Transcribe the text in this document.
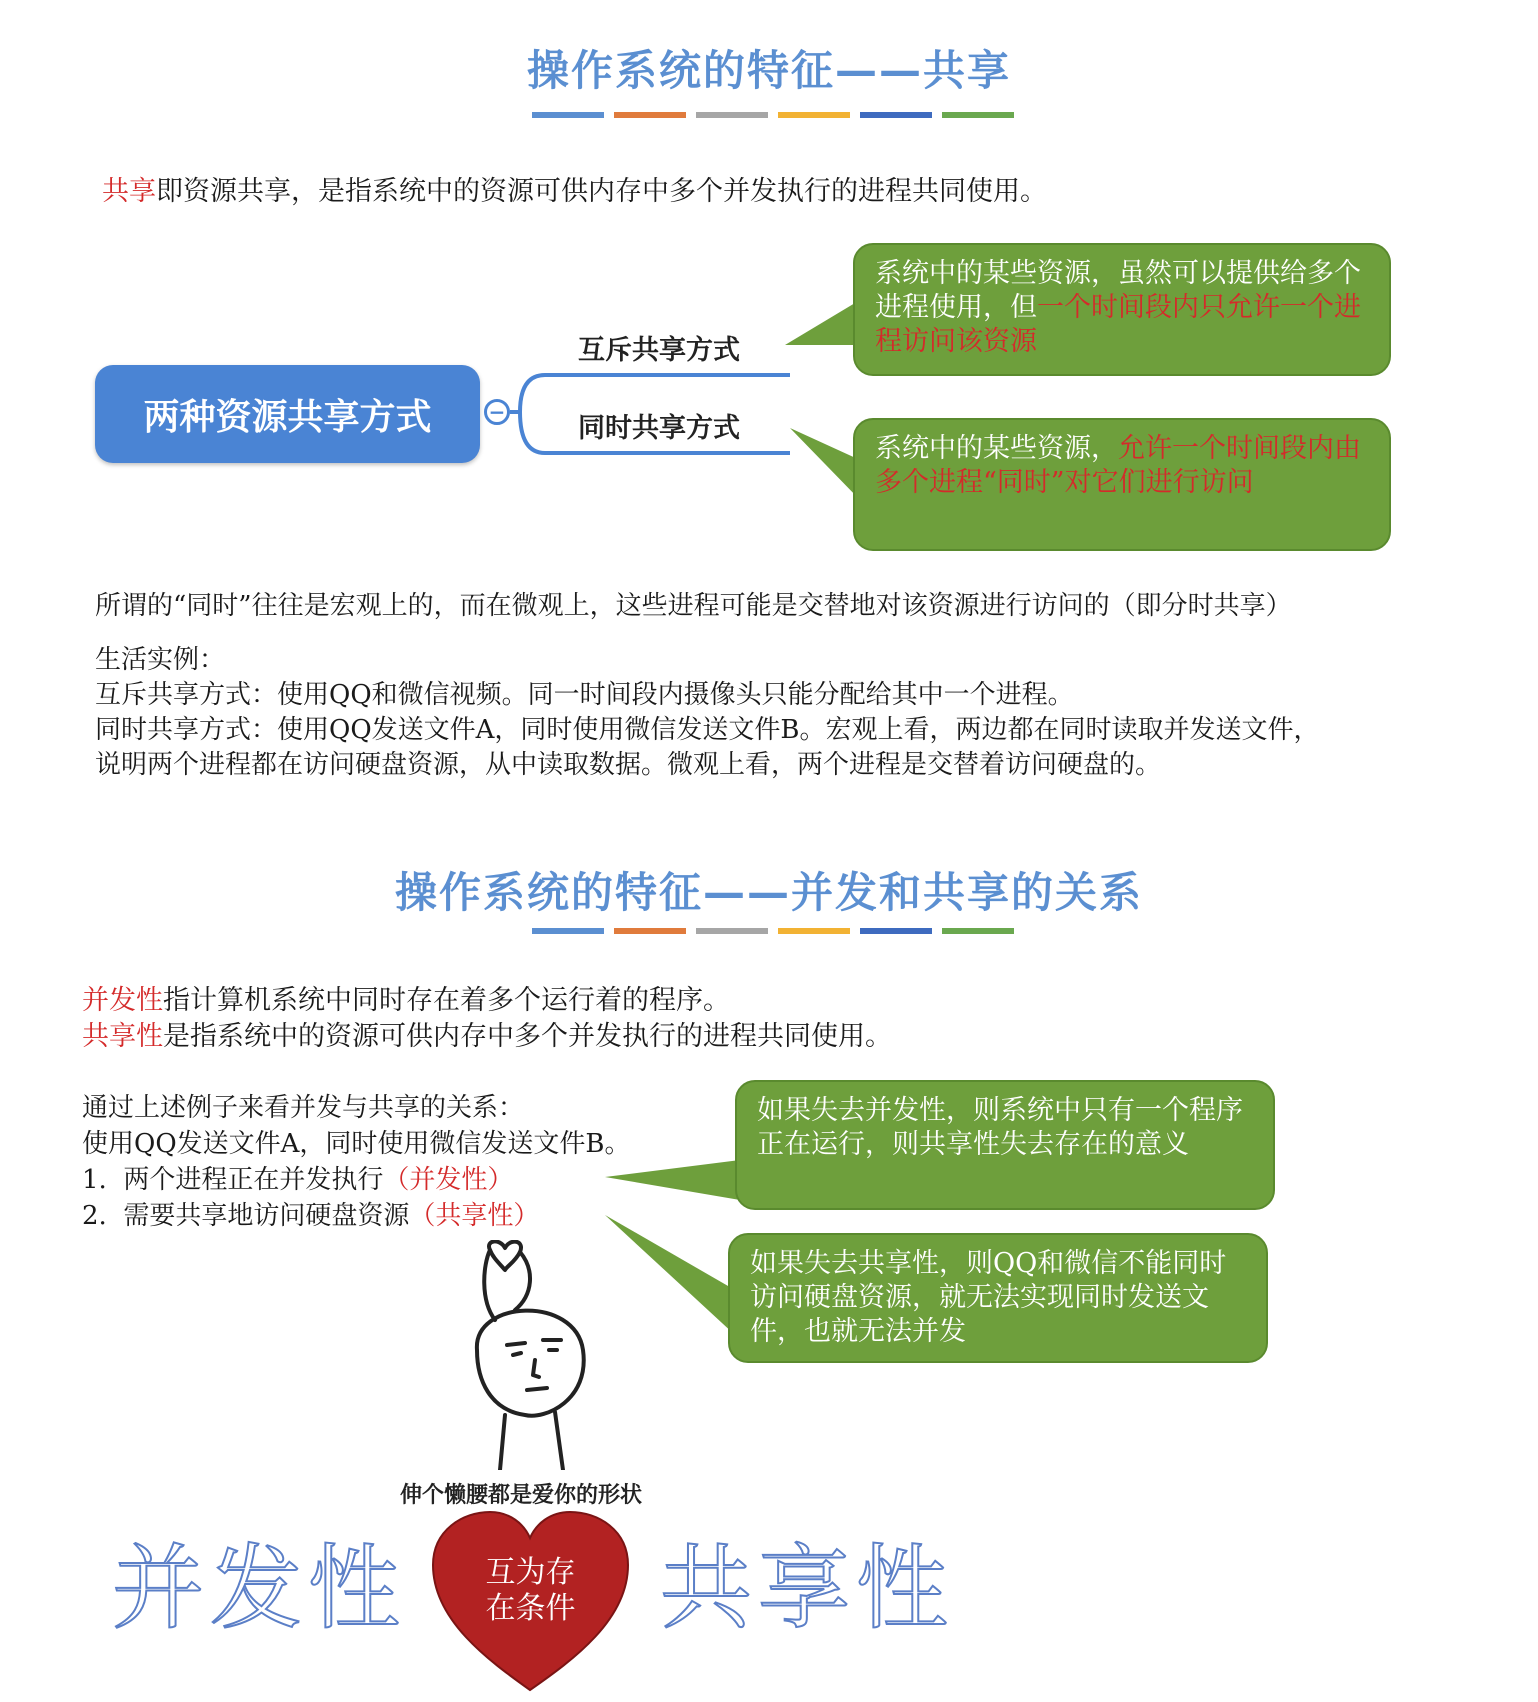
操作系统的特征——共享
共享即资源共享，是指系统中的资源可供内存中多个并发执行的进程共同使用。
两种资源共享方式	−
互斥共享方式
同时共享方式
系统中的某些资源，虽然可以提供给多个进程使用，但一个时间段内只允许一个进程访问该资源
系统中的某些资源，允许一个时间段内由多个进程“同时”对它们进行访问
所谓的“同时”往往是宏观上的，而在微观上，这些进程可能是交替地对该资源进行访问的（即分时共享）
生活实例：
互斥共享方式：使用QQ和微信视频。同一时间段内摄像头只能分配给其中一个进程。
同时共享方式：使用QQ发送文件A，同时使用微信发送文件B。宏观上看，两边都在同时读取并发送文件，
说明两个进程都在访问硬盘资源，从中读取数据。微观上看，两个进程是交替着访问硬盘的。
操作系统的特征——并发和共享的关系
并发性指计算机系统中同时存在着多个运行着的程序。
共享性是指系统中的资源可供内存中多个并发执行的进程共同使用。
通过上述例子来看并发与共享的关系：
使用QQ发送文件A，同时使用微信发送文件B。
1. 两个进程正在并发执行（并发性）
2. 需要共享地访问硬盘资源（共享性）
如果失去并发性，则系统中只有一个程序正在运行，则共享性失去存在的意义
如果失去共享性，则QQ和微信不能同时访问硬盘资源，就无法实现同时发送文件，也就无法并发
伸个懒腰都是爱你的形状
并发性	共享性
互为存
在条件
